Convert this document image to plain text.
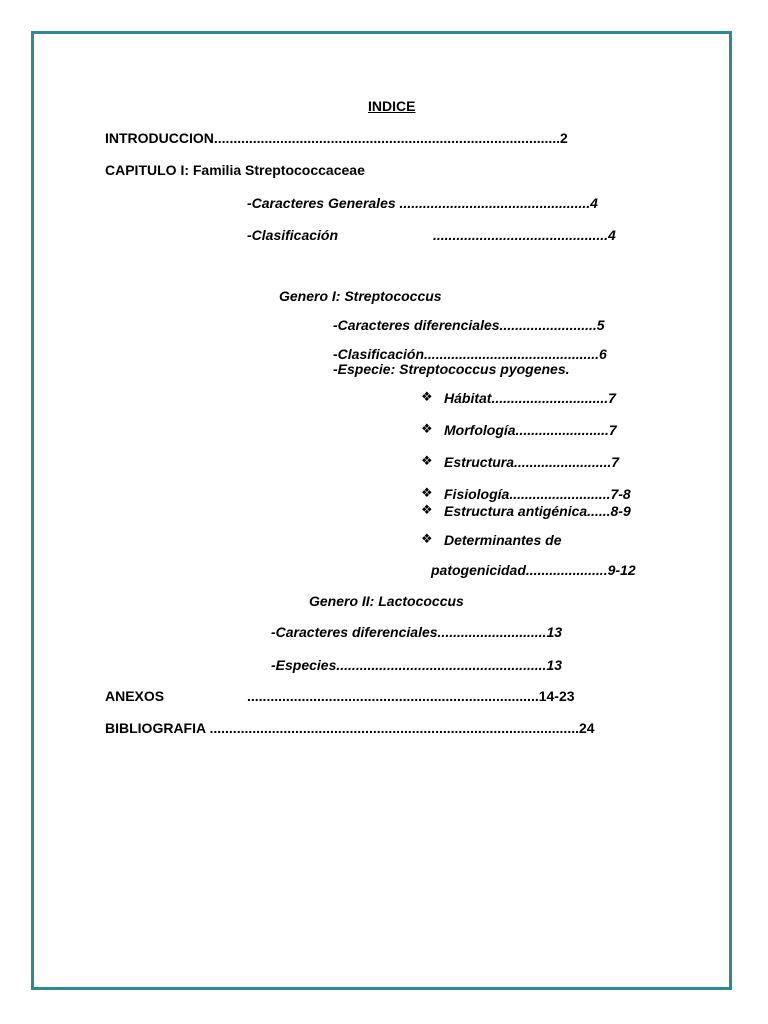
INDICE
INTRODUCCION.........................................................................................2
CAPITULO I: Familia Streptococcaceae
-Caracteres Generales .................................................4
-Clasificación	.............................................4
Genero I: Streptococcus
-Caracteres diferenciales.........................5
-Clasificación.............................................6
-Especie: Streptococcus pyogenes.
❖ Hábitat..............................7
❖ Morfología........................7
❖ Estructura.........................7
❖ Fisiología..........................7-8
❖ Estructura antigénica......8-9
❖ Determinantes de
patogenicidad.....................9-12
Genero II: Lactococcus
-Caracteres diferenciales............................13
-Especies......................................................13
ANEXOS	...........................................................................14-23
BIBLIOGRAFIA ...............................................................................................24
